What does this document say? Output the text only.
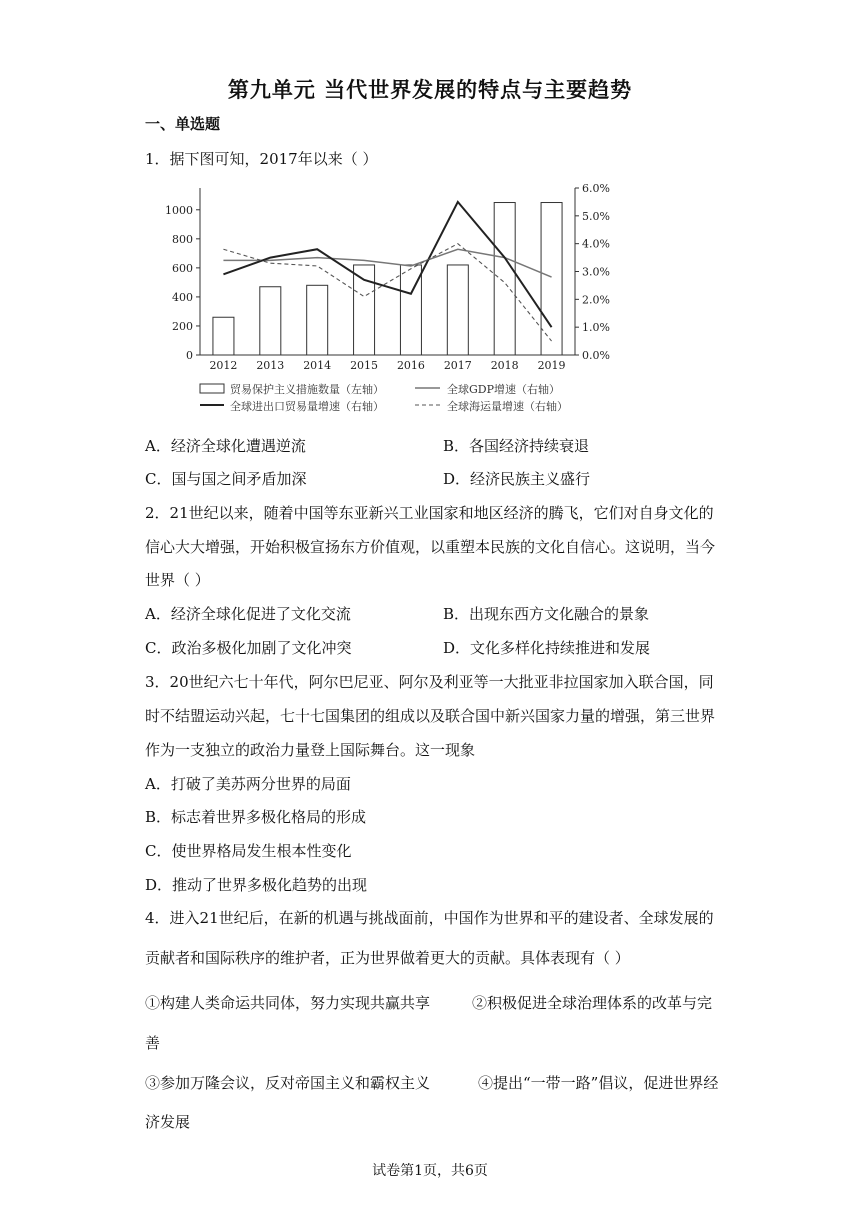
第九单元 当代世界发展的特点与主要趋势
一、单选题
1．据下图可知，2017年以来（ ）
0
200
400
600
800
1000
0.0%
1.0%
2.0%
3.0%
4.0%
5.0%
6.0%
2012 2013 2014 2015 2016 2017 2018 2019
贸易保护主义措施数量（左轴）	全球GDP增速（右轴）
全球进出口贸易量增速（右轴）	全球海运量增速（右轴）
A．经济全球化遭遇逆流	B．各国经济持续衰退
C．国与国之间矛盾加深	D．经济民族主义盛行
2．21世纪以来，随着中国等东亚新兴工业国家和地区经济的腾飞，它们对自身文化的
信心大大增强，开始积极宣扬东方价值观，以重塑本民族的文化自信心。这说明，当今
世界（ ）
A．经济全球化促进了文化交流	B．出现东西方文化融合的景象
C．政治多极化加剧了文化冲突	D．文化多样化持续推进和发展
3．20世纪六七十年代，阿尔巴尼亚、阿尔及利亚等一大批亚非拉国家加入联合国，同
时不结盟运动兴起，七十七国集团的组成以及联合国中新兴国家力量的增强，第三世界
作为一支独立的政治力量登上国际舞台。这一现象
A．打破了美苏两分世界的局面
B．标志着世界多极化格局的形成
C．使世界格局发生根本性变化
D．推动了世界多极化趋势的出现
4．进入21世纪后，在新的机遇与挑战面前，中国作为世界和平的建设者、全球发展的
贡献者和国际秩序的维护者，正为世界做着更大的贡献。具体表现有（ ）
①构建人类命运共同体，努力实现共赢共享	②积极促进全球治理体系的改革与完
善
③参加万隆会议，反对帝国主义和霸权主义	④提出“一带一路”倡议，促进世界经
济发展
试卷第1页，共6页
